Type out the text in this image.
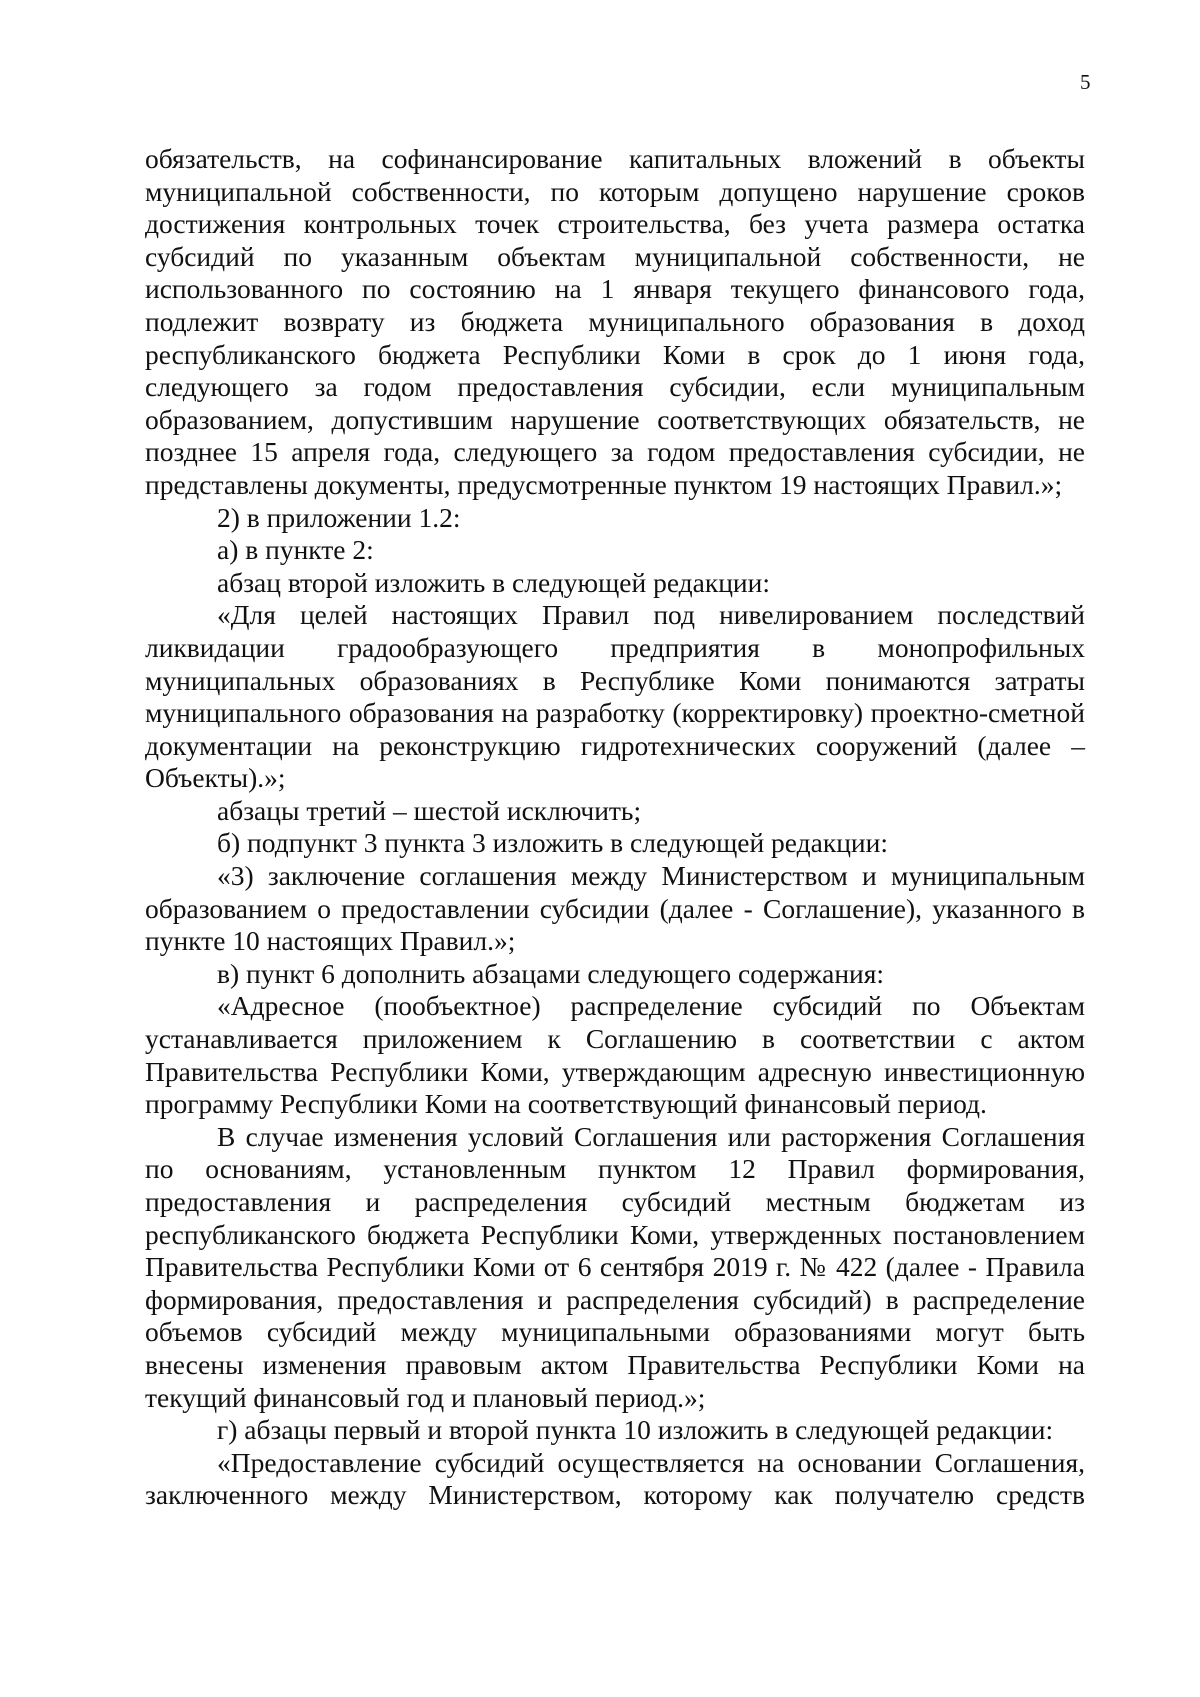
5

обязательств, на софинансирование капитальных вложений в объекты муниципальной собственности, по которым допущено нарушение сроков достижения контрольных точек строительства, без учета размера остатка субсидий по указанным объектам муниципальной собственности, не использованного по состоянию на 1 января текущего финансового года, подлежит возврату из бюджета муниципального образования в доход республиканского бюджета Республики Коми в срок до 1 июня года, следующего за годом предоставления субсидии, если муниципальным образованием, допустившим нарушение соответствующих обязательств, не позднее 15 апреля года, следующего за годом предоставления субсидии, не представлены документы, предусмотренные пунктом 19 настоящих Правил.»;

2) в приложении 1.2:

а) в пункте 2:

абзац второй изложить в следующей редакции:

«Для целей настоящих Правил под нивелированием последствий ликвидации градообразующего предприятия в монопрофильных муниципальных образованиях в Республике Коми понимаются затраты муниципального образования на разработку (корректировку) проектно-сметной документации на реконструкцию гидротехнических сооружений (далее – Объекты).»;

абзацы третий – шестой исключить;

б) подпункт 3 пункта 3 изложить в следующей редакции:

«3) заключение соглашения между Министерством и муниципальным образованием о предоставлении субсидии (далее - Соглашение), указанного в пункте 10 настоящих Правил.»;

в) пункт 6 дополнить абзацами следующего содержания:

«Адресное (пообъектное) распределение субсидий по Объектам устанавливается приложением к Соглашению в соответствии с актом Правительства Республики Коми, утверждающим адресную инвестиционную программу Республики Коми на соответствующий финансовый период.

В случае изменения условий Соглашения или расторжения Соглашения по основаниям, установленным пунктом 12 Правил формирования, предоставления и распределения субсидий местным бюджетам из республиканского бюджета Республики Коми, утвержденных постановлением Правительства Республики Коми от 6 сентября 2019 г. № 422 (далее - Правила формирования, предоставления и распределения субсидий) в распределение объемов субсидий между муниципальными образованиями могут быть внесены изменения правовым актом Правительства Республики Коми на текущий финансовый год и плановый период.»;

г) абзацы первый и второй пункта 10 изложить в следующей редакции:

«Предоставление субсидий осуществляется на основании Соглашения, заключенного между Министерством, которому как получателю средств
